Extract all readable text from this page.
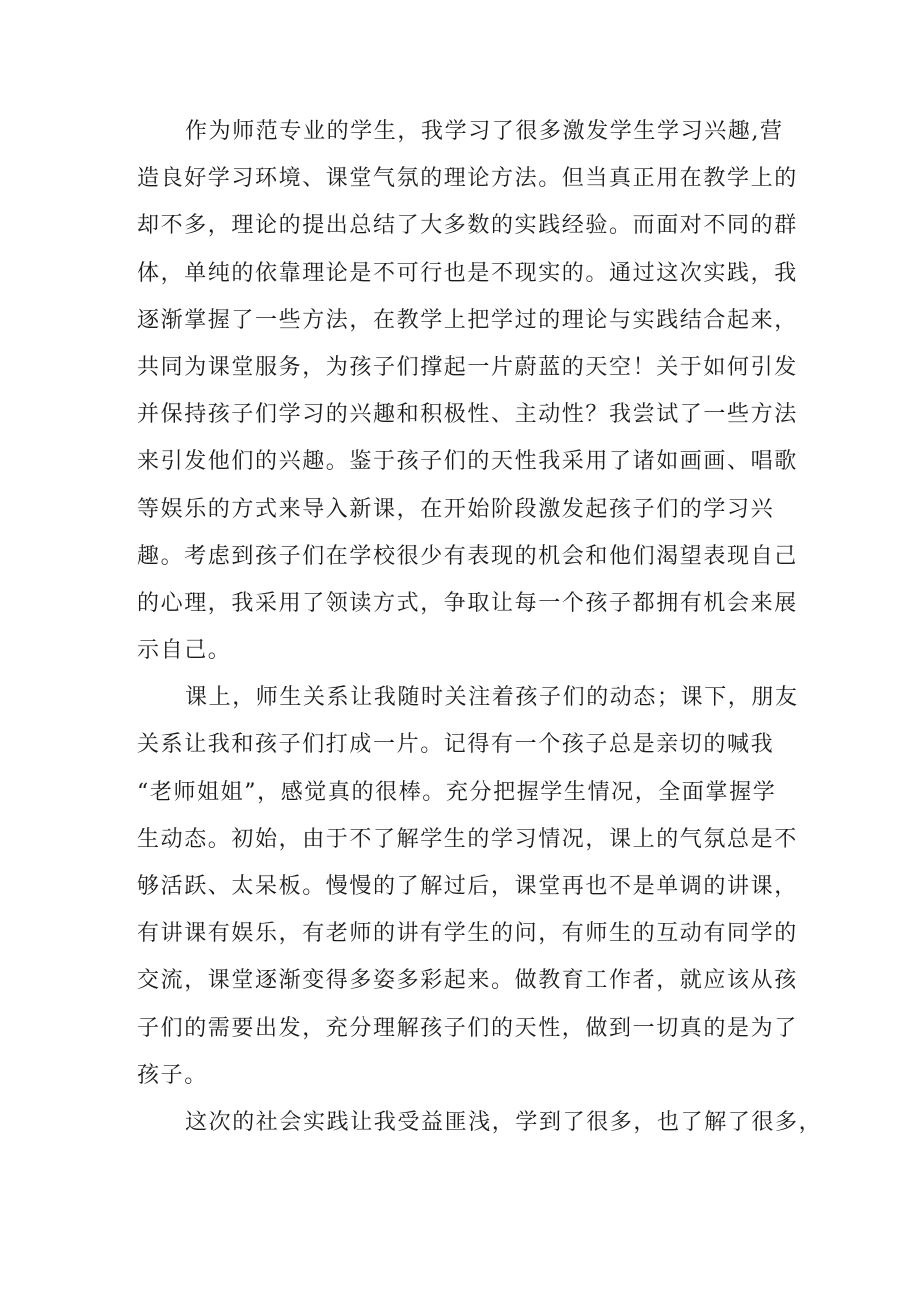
作为师范专业的学生，我学习了很多激发学生学习兴趣,营
造良好学习环境、课堂气氛的理论方法。但当真正用在教学上的
却不多，理论的提出总结了大多数的实践经验。而面对不同的群
体，单纯的依靠理论是不可行也是不现实的。通过这次实践，我
逐渐掌握了一些方法，在教学上把学过的理论与实践结合起来，
共同为课堂服务，为孩子们撑起一片蔚蓝的天空！关于如何引发
并保持孩子们学习的兴趣和积极性、主动性？我尝试了一些方法
来引发他们的兴趣。鉴于孩子们的天性我采用了诸如画画、唱歌
等娱乐的方式来导入新课，在开始阶段激发起孩子们的学习兴
趣。考虑到孩子们在学校很少有表现的机会和他们渴望表现自己
的心理，我采用了领读方式，争取让每一个孩子都拥有机会来展
示自己。
课上，师生关系让我随时关注着孩子们的动态；课下，朋友
关系让我和孩子们打成一片。记得有一个孩子总是亲切的喊我
“老师姐姐”，感觉真的很棒。充分把握学生情况，全面掌握学
生动态。初始，由于不了解学生的学习情况，课上的气氛总是不
够活跃、太呆板。慢慢的了解过后，课堂再也不是单调的讲课，
有讲课有娱乐，有老师的讲有学生的问，有师生的互动有同学的
交流，课堂逐渐变得多姿多彩起来。做教育工作者，就应该从孩
子们的需要出发，充分理解孩子们的天性，做到一切真的是为了
孩子。
这次的社会实践让我受益匪浅，学到了很多，也了解了很多，
